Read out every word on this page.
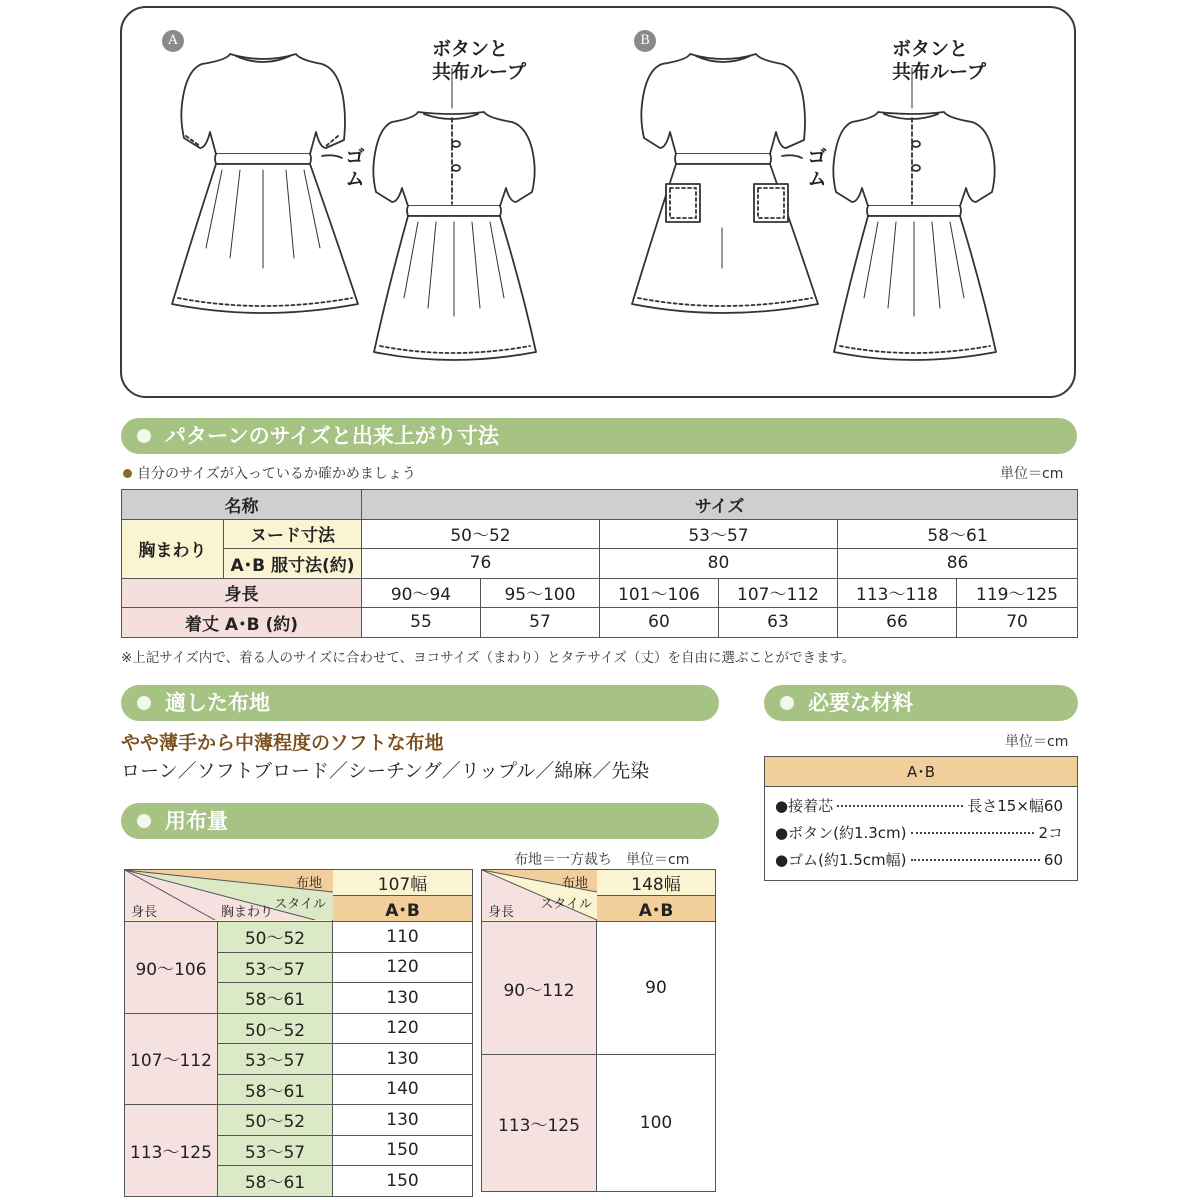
A	B
ボタンと
共布ループ
ボタンと
共布ループ
ゴム
ゴム
パターンのサイズと出来上がり寸法
自分のサイズが入っているか確かめましょう	単位＝cm
名称		サイズ					
胸まわり	ヌード寸法	50〜52		53〜57		58〜61	
	A･B 服寸法(約)	76		80		86	
身長		90〜94	95〜100	101〜106	107〜112	113〜118	119〜125
着丈 A･B (約)		55	57	60	63	66	70
※上記サイズ内で、着る人のサイズに合わせて、ヨコサイズ（まわり）とタテサイズ（丈）を自由に選ぶことができます。
適した布地
やや薄手から中薄程度のソフトな布地
ローン／ソフトブロード／シーチング／リップル／綿麻／先染
必要な材料
単位＝cm
A･B

●接着芯	長さ15×幅60
●ボタン(約1.3cm)	2コ
●ゴム(約1.5cm幅)	60
用布量
布地＝一方裁ち　単位＝cm
布地
スタイル
胸まわり
身長		107幅
		A･B
90〜106	50〜52	110
	53〜57	120
	58〜61	130
107〜112	50〜52	120
	53〜57	130
	58〜61	140
113〜125	50〜52	130
	53〜57	150
	58〜61	150
布地
スタイル
身長	148幅
	A･B
90〜112	90
113〜125	100
